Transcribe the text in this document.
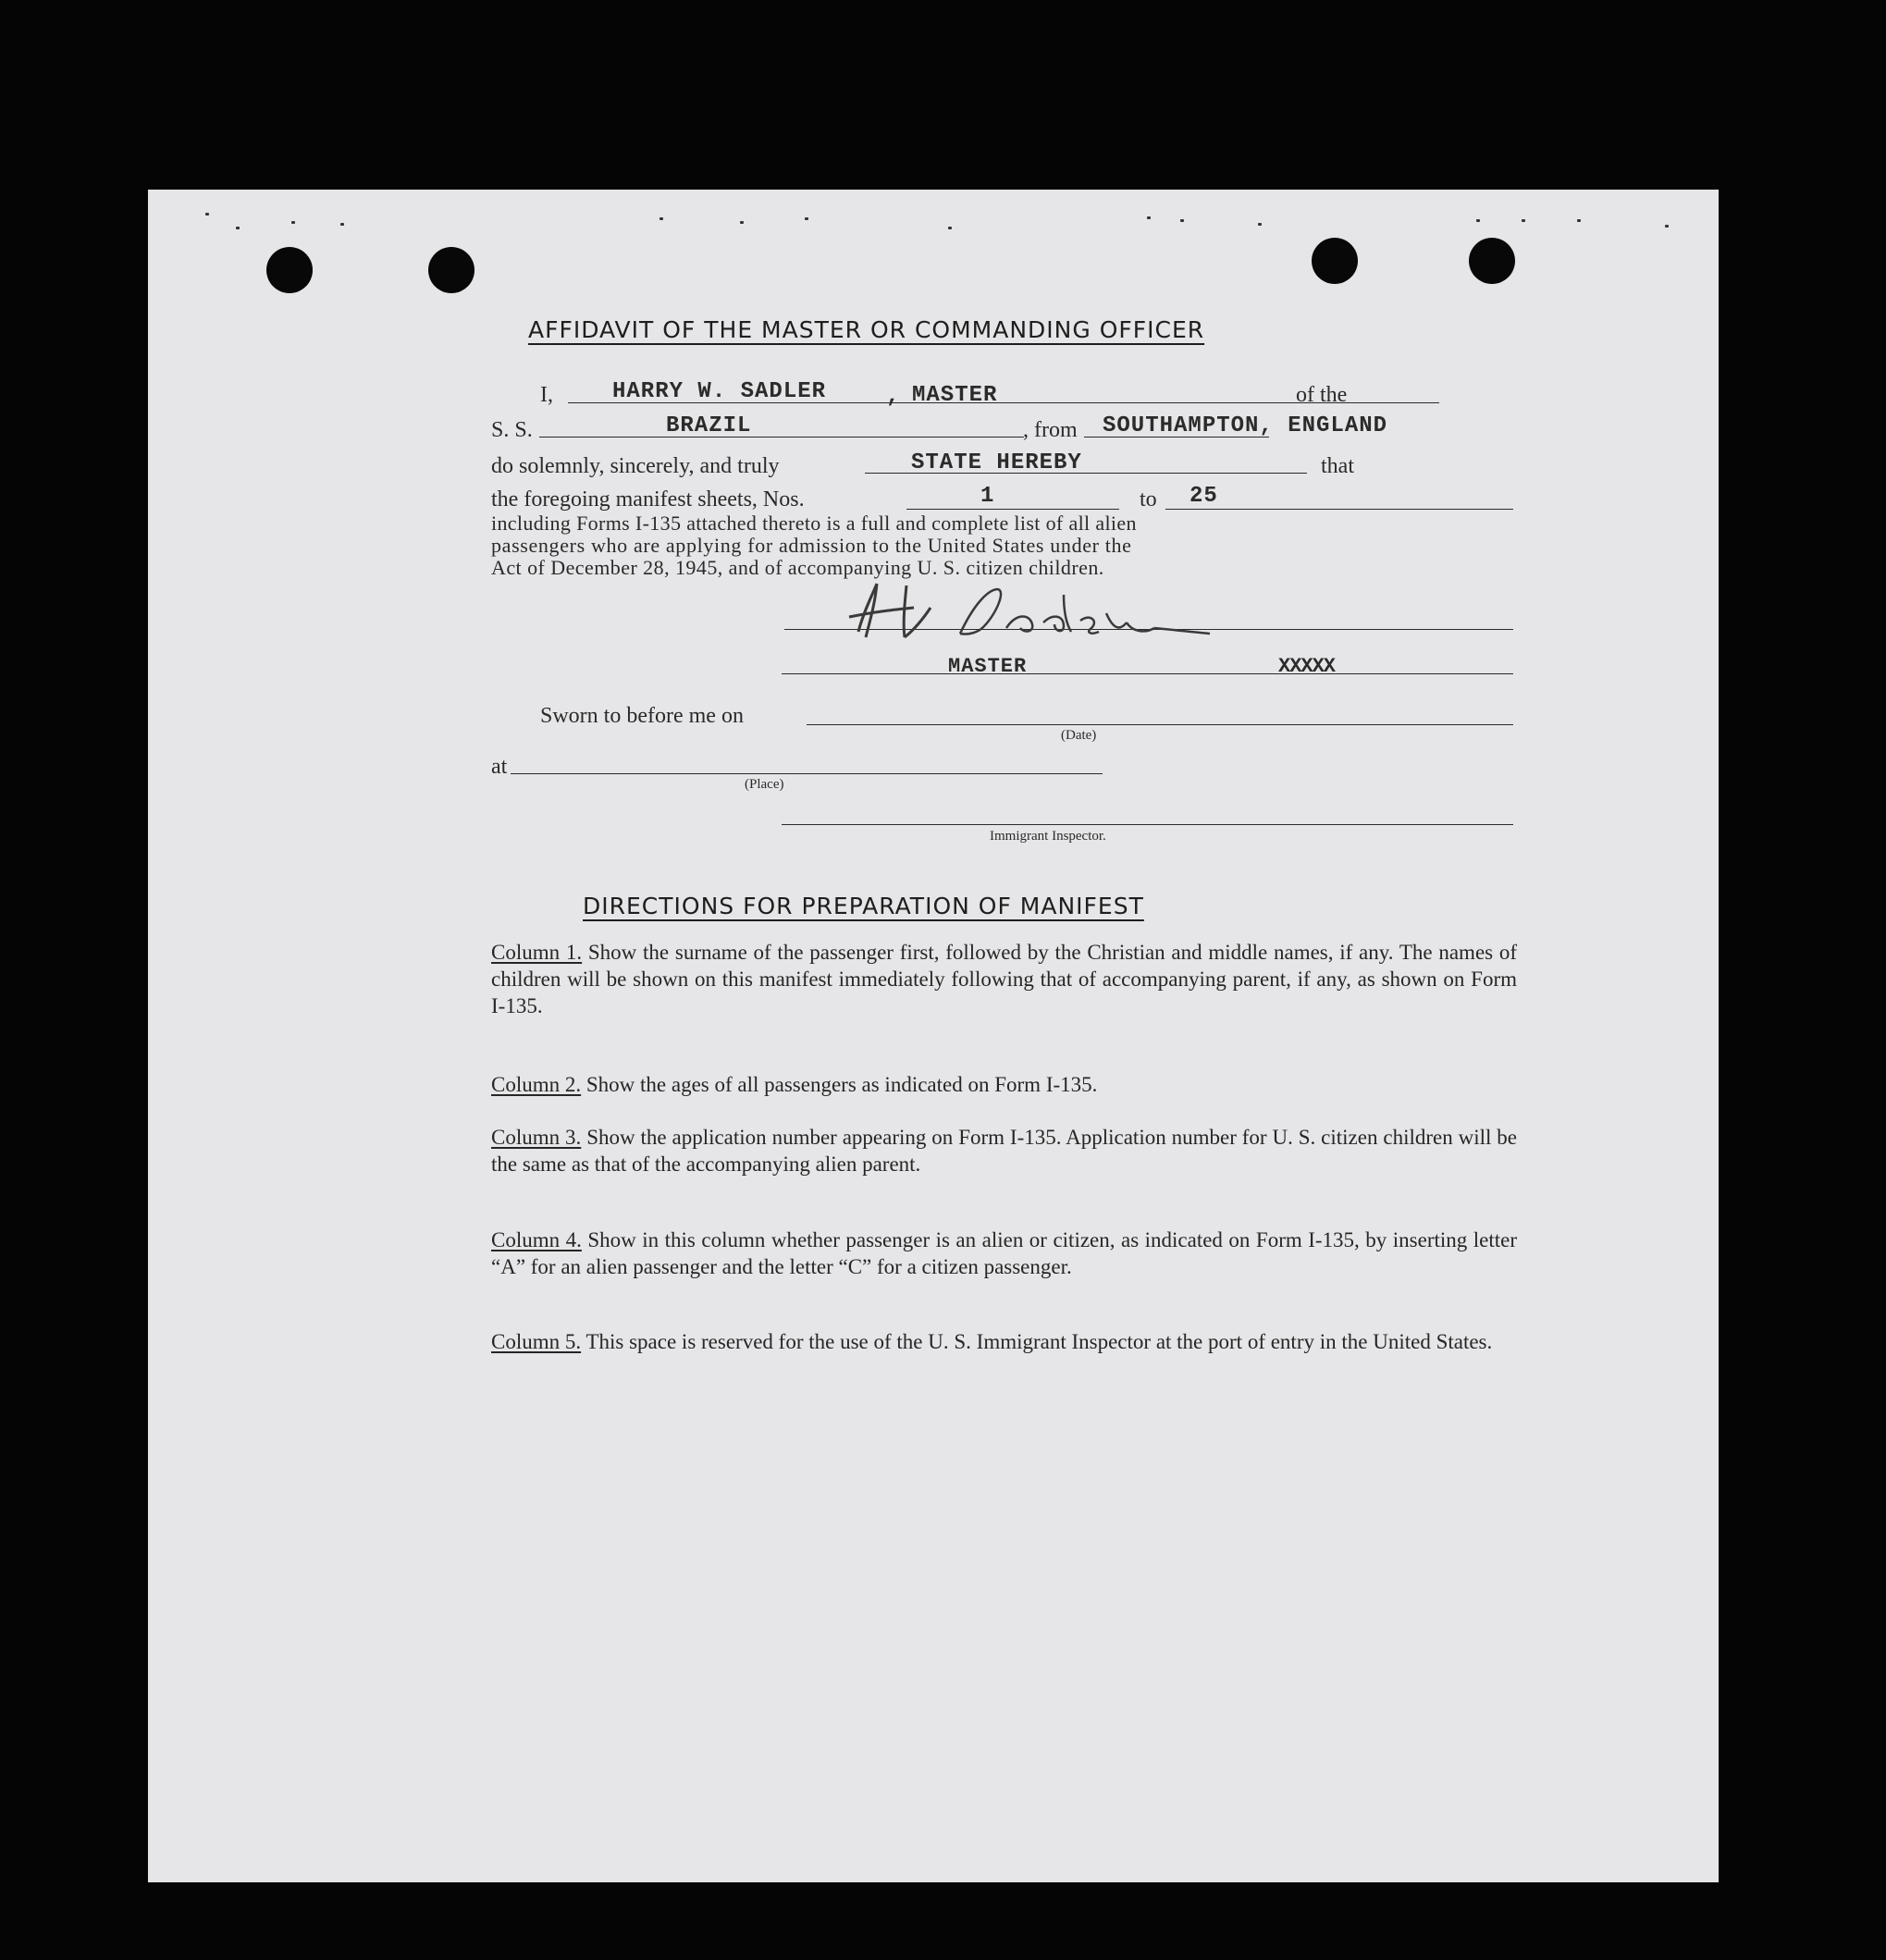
AFFIDAVIT OF THE MASTER OR COMMANDING OFFICER
I,	HARRY W. SADLER	, MASTER	of the
S. S.	BRAZIL	, from SOUTHAMPTON, ENGLAND
do solemnly, sincerely, and truly	STATE HEREBY	that
the foregoing manifest sheets, Nos.	1	to 25
including Forms I-135 attached thereto is a full and complete list of all alien
passengers who are applying for admission to the United States under the
Act of December 28, 1945, and of accompanying U. S. citizen children.
MASTER	XXXXX
Sworn to before me on
(Date)
at
(Place)
Immigrant Inspector.
DIRECTIONS FOR PREPARATION OF MANIFEST
Column 1. Show the surname of the passenger first, followed by the Christian and middle names, if any. The names of children will be shown on this manifest immediately following that of accompanying parent, if any, as shown on Form I-135.
Column 2. Show the ages of all passengers as indicated on Form I-135.
Column 3. Show the application number appearing on Form I-135. Application number for U. S. citizen children will be the same as that of the accompanying alien parent.
Column 4. Show in this column whether passenger is an alien or citizen, as indicated on Form I-135, by inserting letter “A” for an alien passenger and the letter “C” for a citizen passenger.
Column 5. This space is reserved for the use of the U. S. Immigrant Inspector at the port of entry in the United States.
